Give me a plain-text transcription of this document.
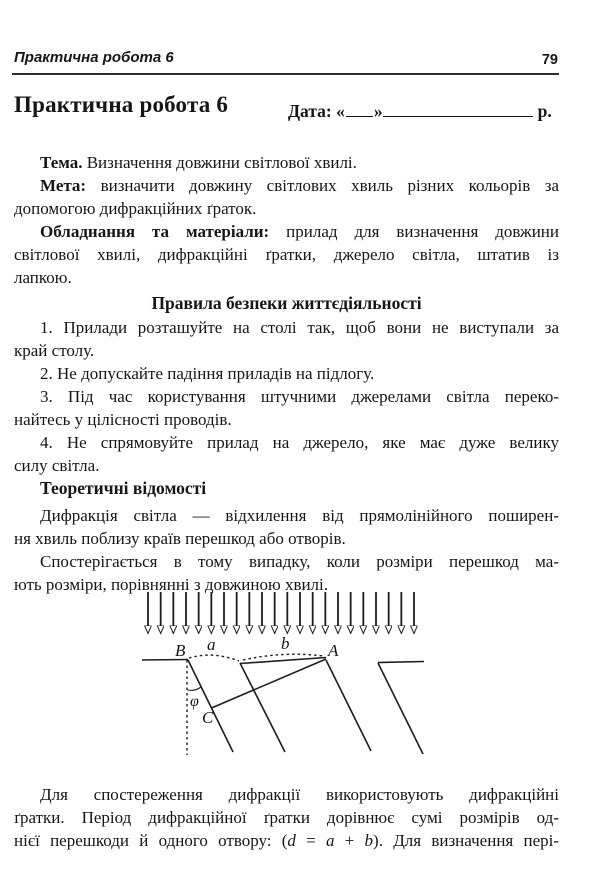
Практична робота 6	79
Практична робота 6	Дата: « »	р.
Тема. Визначення довжини світлової хвилі.
Мета: визначити довжину світлових хвиль різних кольорів за
допомогою дифракційних ґраток.
Обладнання та матеріали: прилад для визначення довжини
світлової хвилі, дифракційні ґратки, джерело світла, штатив із
лапкою.
Правила безпеки життєдіяльності
1. Прилади розташуйте на столі так, щоб вони не виступали за
край столу.
2. Не допускайте падіння приладів на підлогу.
3. Під час користування штучними джерелами світла переко-
найтесь у цілісності проводів.
4. Не спрямовуйте прилад на джерело, яке має дуже велику
силу світла.
Теоретичні відомості
Дифракція світла — відхилення від прямолінійного поширен-
ня хвиль поблизу країв перешкод або отворів.
Спостерігається в тому випадку, коли розміри перешкод ма-
ють розміри, порівнянні з довжиною хвилі.
B a	b A
φ
C
Для спостереження дифракції використовують дифракційні
ґратки. Період дифракційної ґратки дорівнює сумі розмірів од-
нієї перешкоди й одного отвору: (d = a + b). Для визначення пері-
